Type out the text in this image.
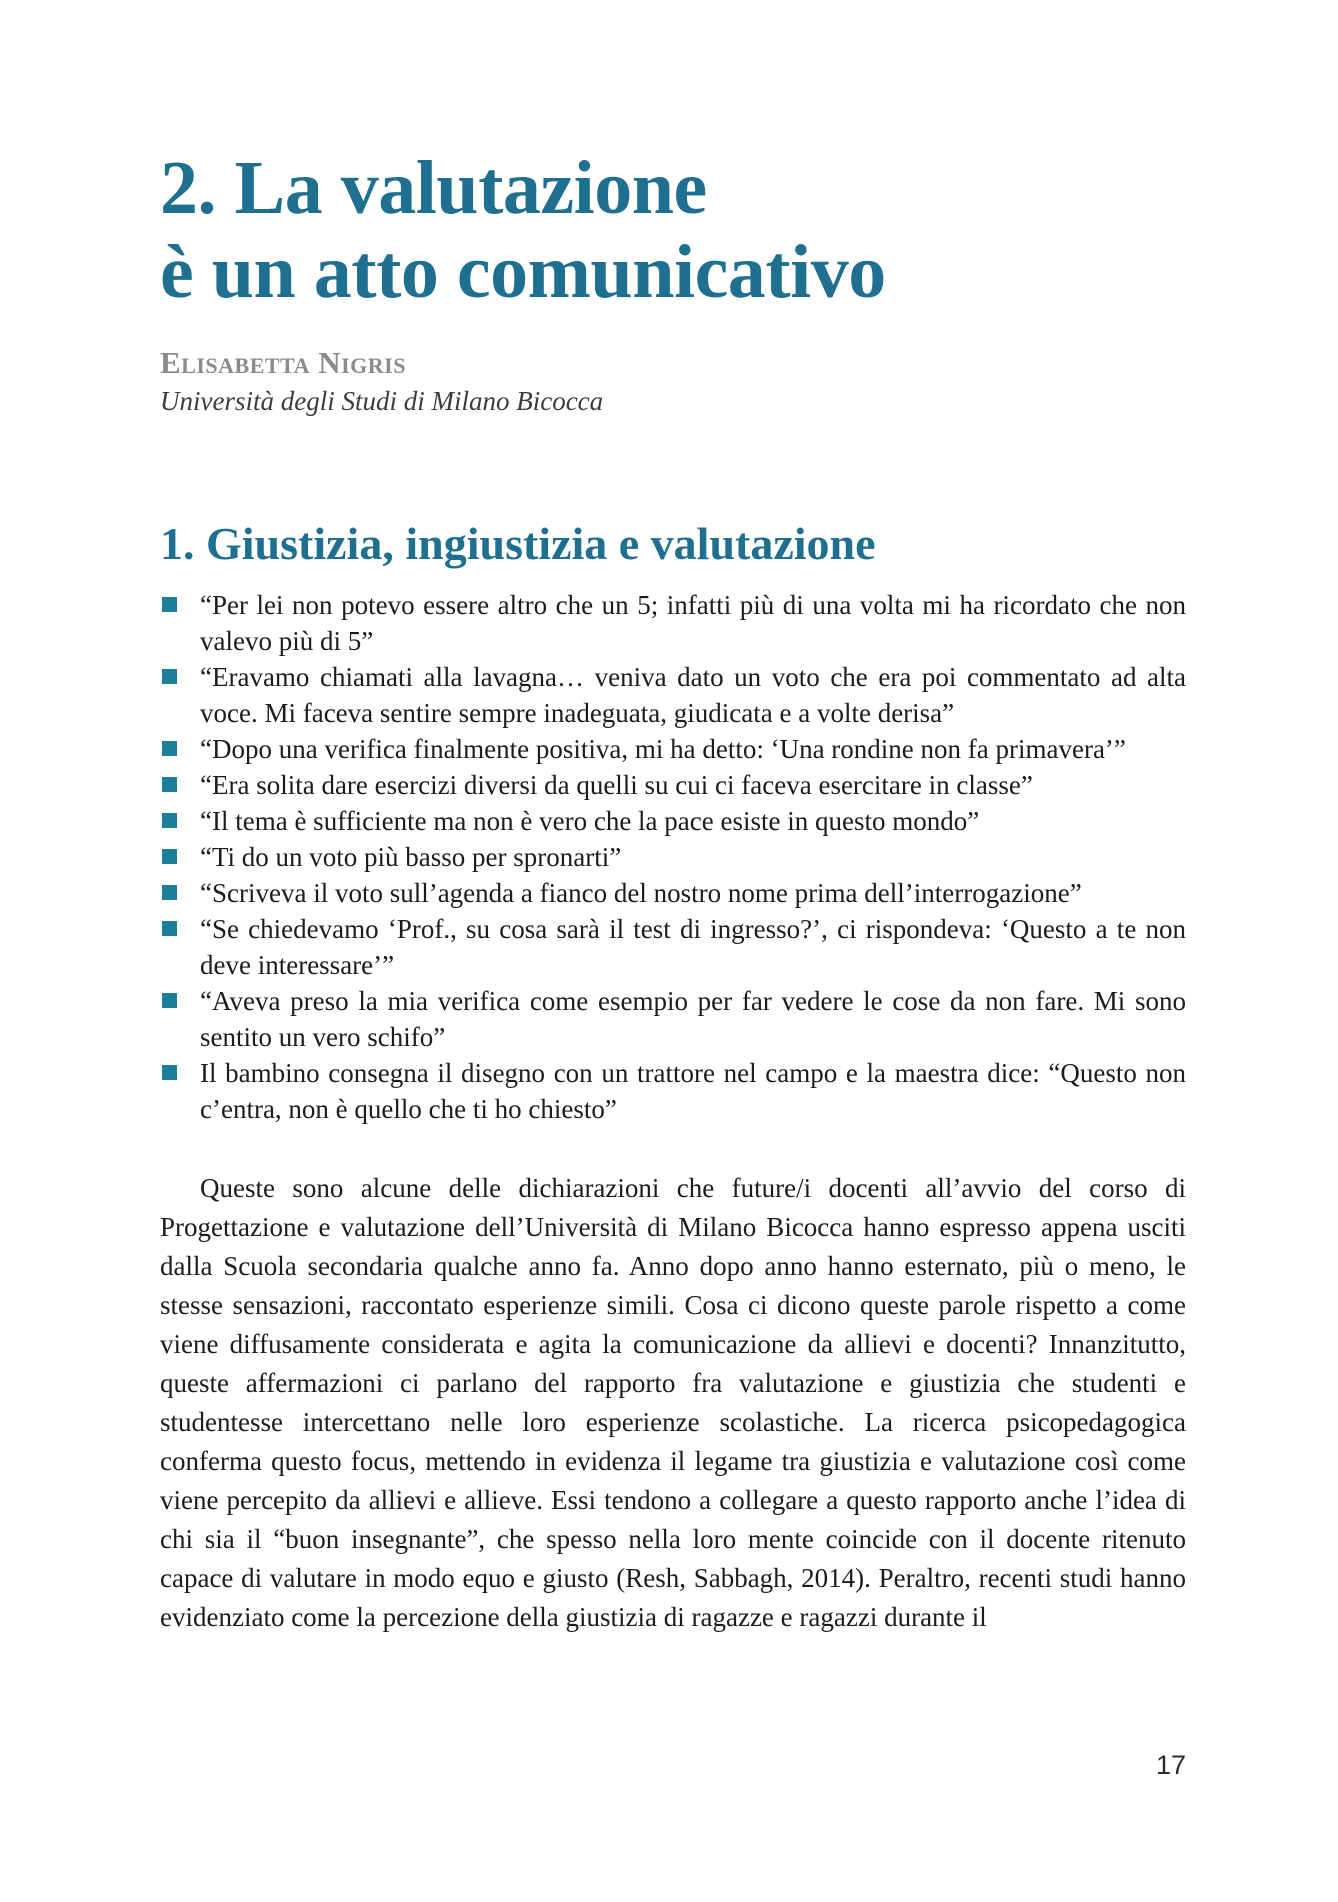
2. La valutazione
è un atto comunicativo
Elisabetta Nigris
Università degli Studi di Milano Bicocca
1. Giustizia, ingiustizia e valutazione
“Per lei non potevo essere altro che un 5; infatti più di una volta mi ha ricordato che non valevo più di 5”
“Eravamo chiamati alla lavagna… veniva dato un voto che era poi commentato ad alta voce. Mi faceva sentire sempre inadeguata, giudicata e a volte derisa”
“Dopo una verifica finalmente positiva, mi ha detto: ‘Una rondine non fa primavera’”
“Era solita dare esercizi diversi da quelli su cui ci faceva esercitare in classe”
“Il tema è sufficiente ma non è vero che la pace esiste in questo mondo”
“Ti do un voto più basso per spronarti”
“Scriveva il voto sull’agenda a fianco del nostro nome prima dell’interrogazione”
“Se chiedevamo ‘Prof., su cosa sarà il test di ingresso?’, ci rispondeva: ‘Questo a te non deve interessare’”
“Aveva preso la mia verifica come esempio per far vedere le cose da non fare. Mi sono sentito un vero schifo”
Il bambino consegna il disegno con un trattore nel campo e la maestra dice: “Questo non c’entra, non è quello che ti ho chiesto”

Queste sono alcune delle dichiarazioni che future/i docenti all’avvio del corso di Progettazione e valutazione dell’Università di Milano Bicocca hanno espresso appena usciti dalla Scuola secondaria qualche anno fa. Anno dopo anno hanno esternato, più o meno, le stesse sensazioni, raccontato esperienze simili. Cosa ci dicono queste parole rispetto a come viene diffusamente considerata e agita la comunicazione da allievi e docenti? Innanzitutto, queste affermazioni ci parlano del rapporto fra valutazione e giustizia che studenti e studentesse intercettano nelle loro esperienze scolastiche. La ricerca psicopedagogica conferma questo focus, mettendo in evidenza il legame tra giustizia e valutazione così come viene percepito da allievi e allieve. Essi tendono a collegare a questo rapporto anche l’idea di chi sia il “buon insegnante”, che spesso nella loro mente coincide con il docente ritenuto capace di valutare in modo equo e giusto (Resh, Sabbagh, 2014). Peraltro, recenti studi hanno evidenziato come la percezione della giustizia di ragazze e ragazzi durante il

17
